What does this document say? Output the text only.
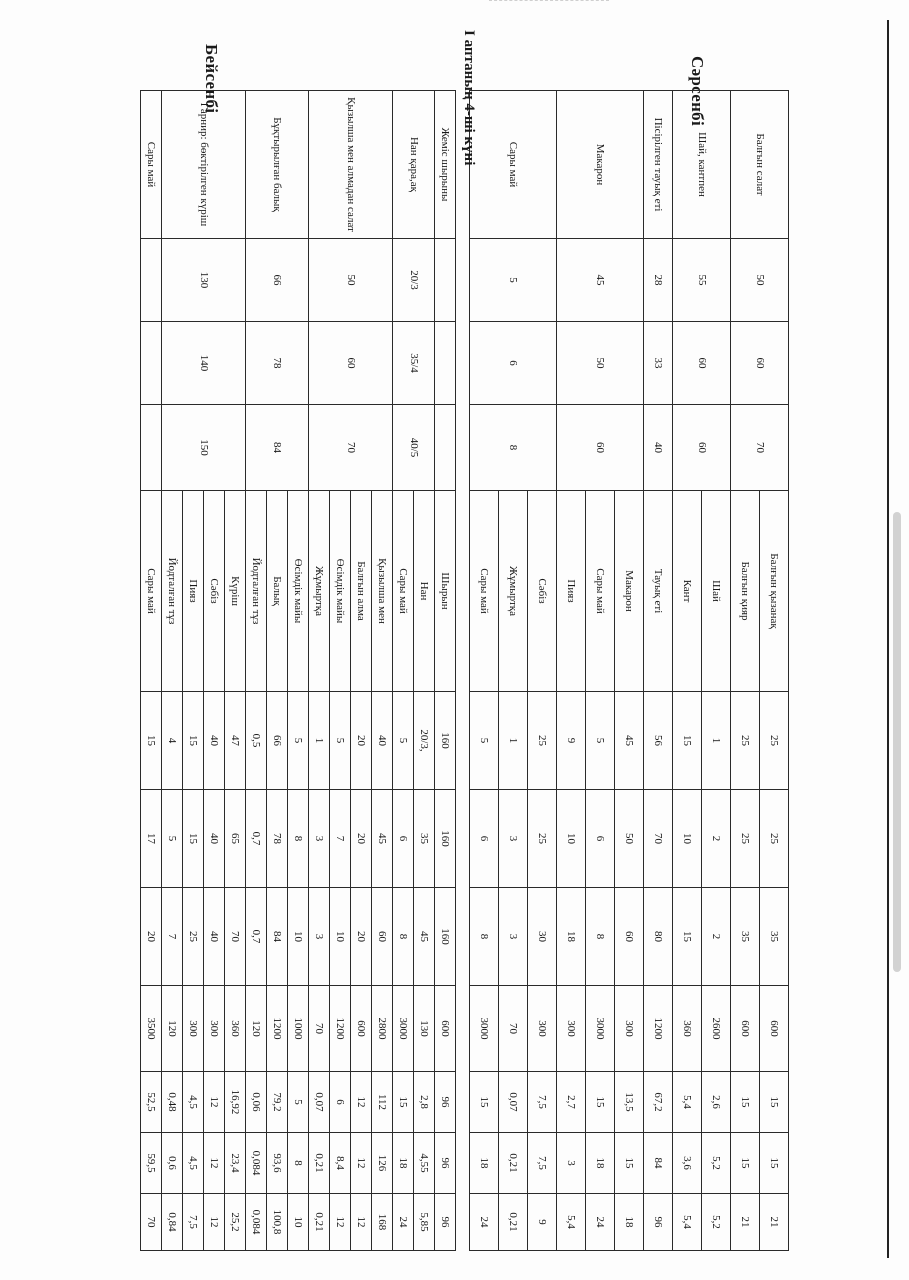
Сәрсенбі
Балғын салат	50	60	70	Балғын қызанақ	25	25	35	600	15	15	21
				Балғын қияр	25	25	35	600	15	15	21
Шай, кантпен	55	60	60	Шай	1	2	2	2600	2,6	5,2	5,2
				Кант	15	10	15	360	5,4	3,6	5,4
Пісірілген тауық еті	28	33	40	Тауық еті	56	70	80	1200	67,2	84	96
Макарон	45	50	60	Макарон	45	50	60	300	13,5	15	18
				Сары май	5	6	8	3000	15	18	24
				Пияз	9	10	18	300	2,7	3	5,4
Сары май	5	6	8	Сәбіз	25	25	30	300	7,5	7,5	9
				Жұмыртқа	1	3	3	70	0,07	0,21	0,21
				Сары май	5	6	8	3000	15	18	24
I аптаның 4-ші күні
Бейсенбі
Жеміс шырыны				Шырын	160	160	160	600	96	96	96
Нан қара,ақ	20/3	35/4	40/5	Нан	20/3,	35	45	130	2,8	4,55	5,85
				Сары май	5	6	8	3000	15	18	24
Қызылша мен алмадан салат	50	60	70	Қызылша мен	40	45	60	2800	112	126	168
				Балғын алма	20	20	20	600	12	12	12
				Өсімдік майы	5	7	10	1200	6	8,4	12
				Жұмыртқа	1	3	3	70	0,07	0,21	0,21
Бұқтырылған балық	66	78	84	Өсімдік майы	5	8	10	1000	5	8	10
				Балық	66	78	84	1200	79,2	93,6	100,8
				Йодталған тұз	0,5	0,7	0,7	120	0,06	0,084	0,084
Гарнир: бөктірілген күріш	130	140	150	Күріш	47	65	70	360	16,92	23,4	25,2
				Сәбіз	40	40	40	300	12	12	12
				Пияз	15	15	25	300	4,5	4,5	7,5
				Йодталған тұз	4	5	7	120	0,48	0,6	0,84
Сары май				Сары май	15	17	20	3500	52,5	59,5	70
